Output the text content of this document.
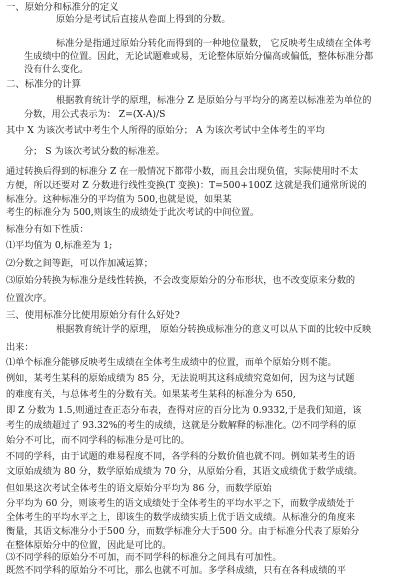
一、原始分和标准分的定义
原始分是考试后直接从卷面上得到的分数。
标准分是指通过原始分转化而得到的一种地位量数， 它反映考生成绩在全体考
生成绩中的位置。因此，无论试题难或易，无论整体原始分偏高或偏低，整体标准分都
没有什么变化。
二、标准分的计算
根据教育统计学的原理，标准分 Z 是原始分与平均分的离差以标准差为单位的
分数，用公式表示为： Z=(X-A)/S
其中 X 为该次考试中考生个人所得的原始分； A 为该次考试中全体考生的平均
分； S 为该次考试分数的标准差。
通过转换后得到的标准分 Z 在一般情况下都带小数，而且会出现负值，实际使用时不太
方便，所以还要对 Z 分数进行线性变换(T 变换)：T=500+100Z 这就是我们通常所说的
标准分。这种标准分的平均值为 500,也就是说，如果某
考生的标准分为 500,则该生的成绩处于此次考试的中间位置。
标准分有如下性质：
⑴平均值为 0,标准差为 1;
⑵分数之间等距，可以作加减运算；
⑶原始分转换为标准分是线性转换，不会改变原始分的分布形状，也不改变原来分数的
位置次序。
三、使用标准分比使用原始分有什么好处?
根据教育统计学的原理， 原始分转换成标准分的意义可以从下面的比较中反映
出来：
⑴单个标准分能够反映考生成绩在全体考生成绩中的位置，而单个原始分则不能。
例如，某考生某科的原始成绩为 85 分，无法说明其这科成绩究竟如何，因为这与试题
的难度有关，与总体考生的分数有关。如果某考生某科的标准分为 650,
即 Z 分数为 1.5,则通过查正态分布表，查得对应的百分比为 0.9332,于是我们知道，该
考生的成绩超过了 93.32%的考生的成绩，这就是分数解释的标准化。⑵不同学科的原
始分不可比，而不同学科的标准分是可比的。
不同的学科，由于试题的难易程度不同，各学科的分数价值也就不同。例如某考生的语
文原始成绩为 80 分，数学原始成绩为 70 分，从原始分看，其语文成绩优于数学成绩。
但如果这次考试全体考生的语文原始分平均为 86 分，而数学原始
分平均为 60 分，则该考生的语文成绩处于全体考生的平均水平之下，而数学成绩处于
全体考生的平均水平之上，即该生的数学成绩实质上优于语文成绩。从标准分的角度来
衡量，其语文标准分小于500 分，而数学标准分大于500 分。由于标准分代表了原始分
在整体原始分中的位置，因此是可比的。
⑶不同学科的原始分不可加，而不同学科的标准分之间具有可加性。
既然不同学科的原始分不可比，那么也就不可加。多学科成绩，只有在各科成绩的平
